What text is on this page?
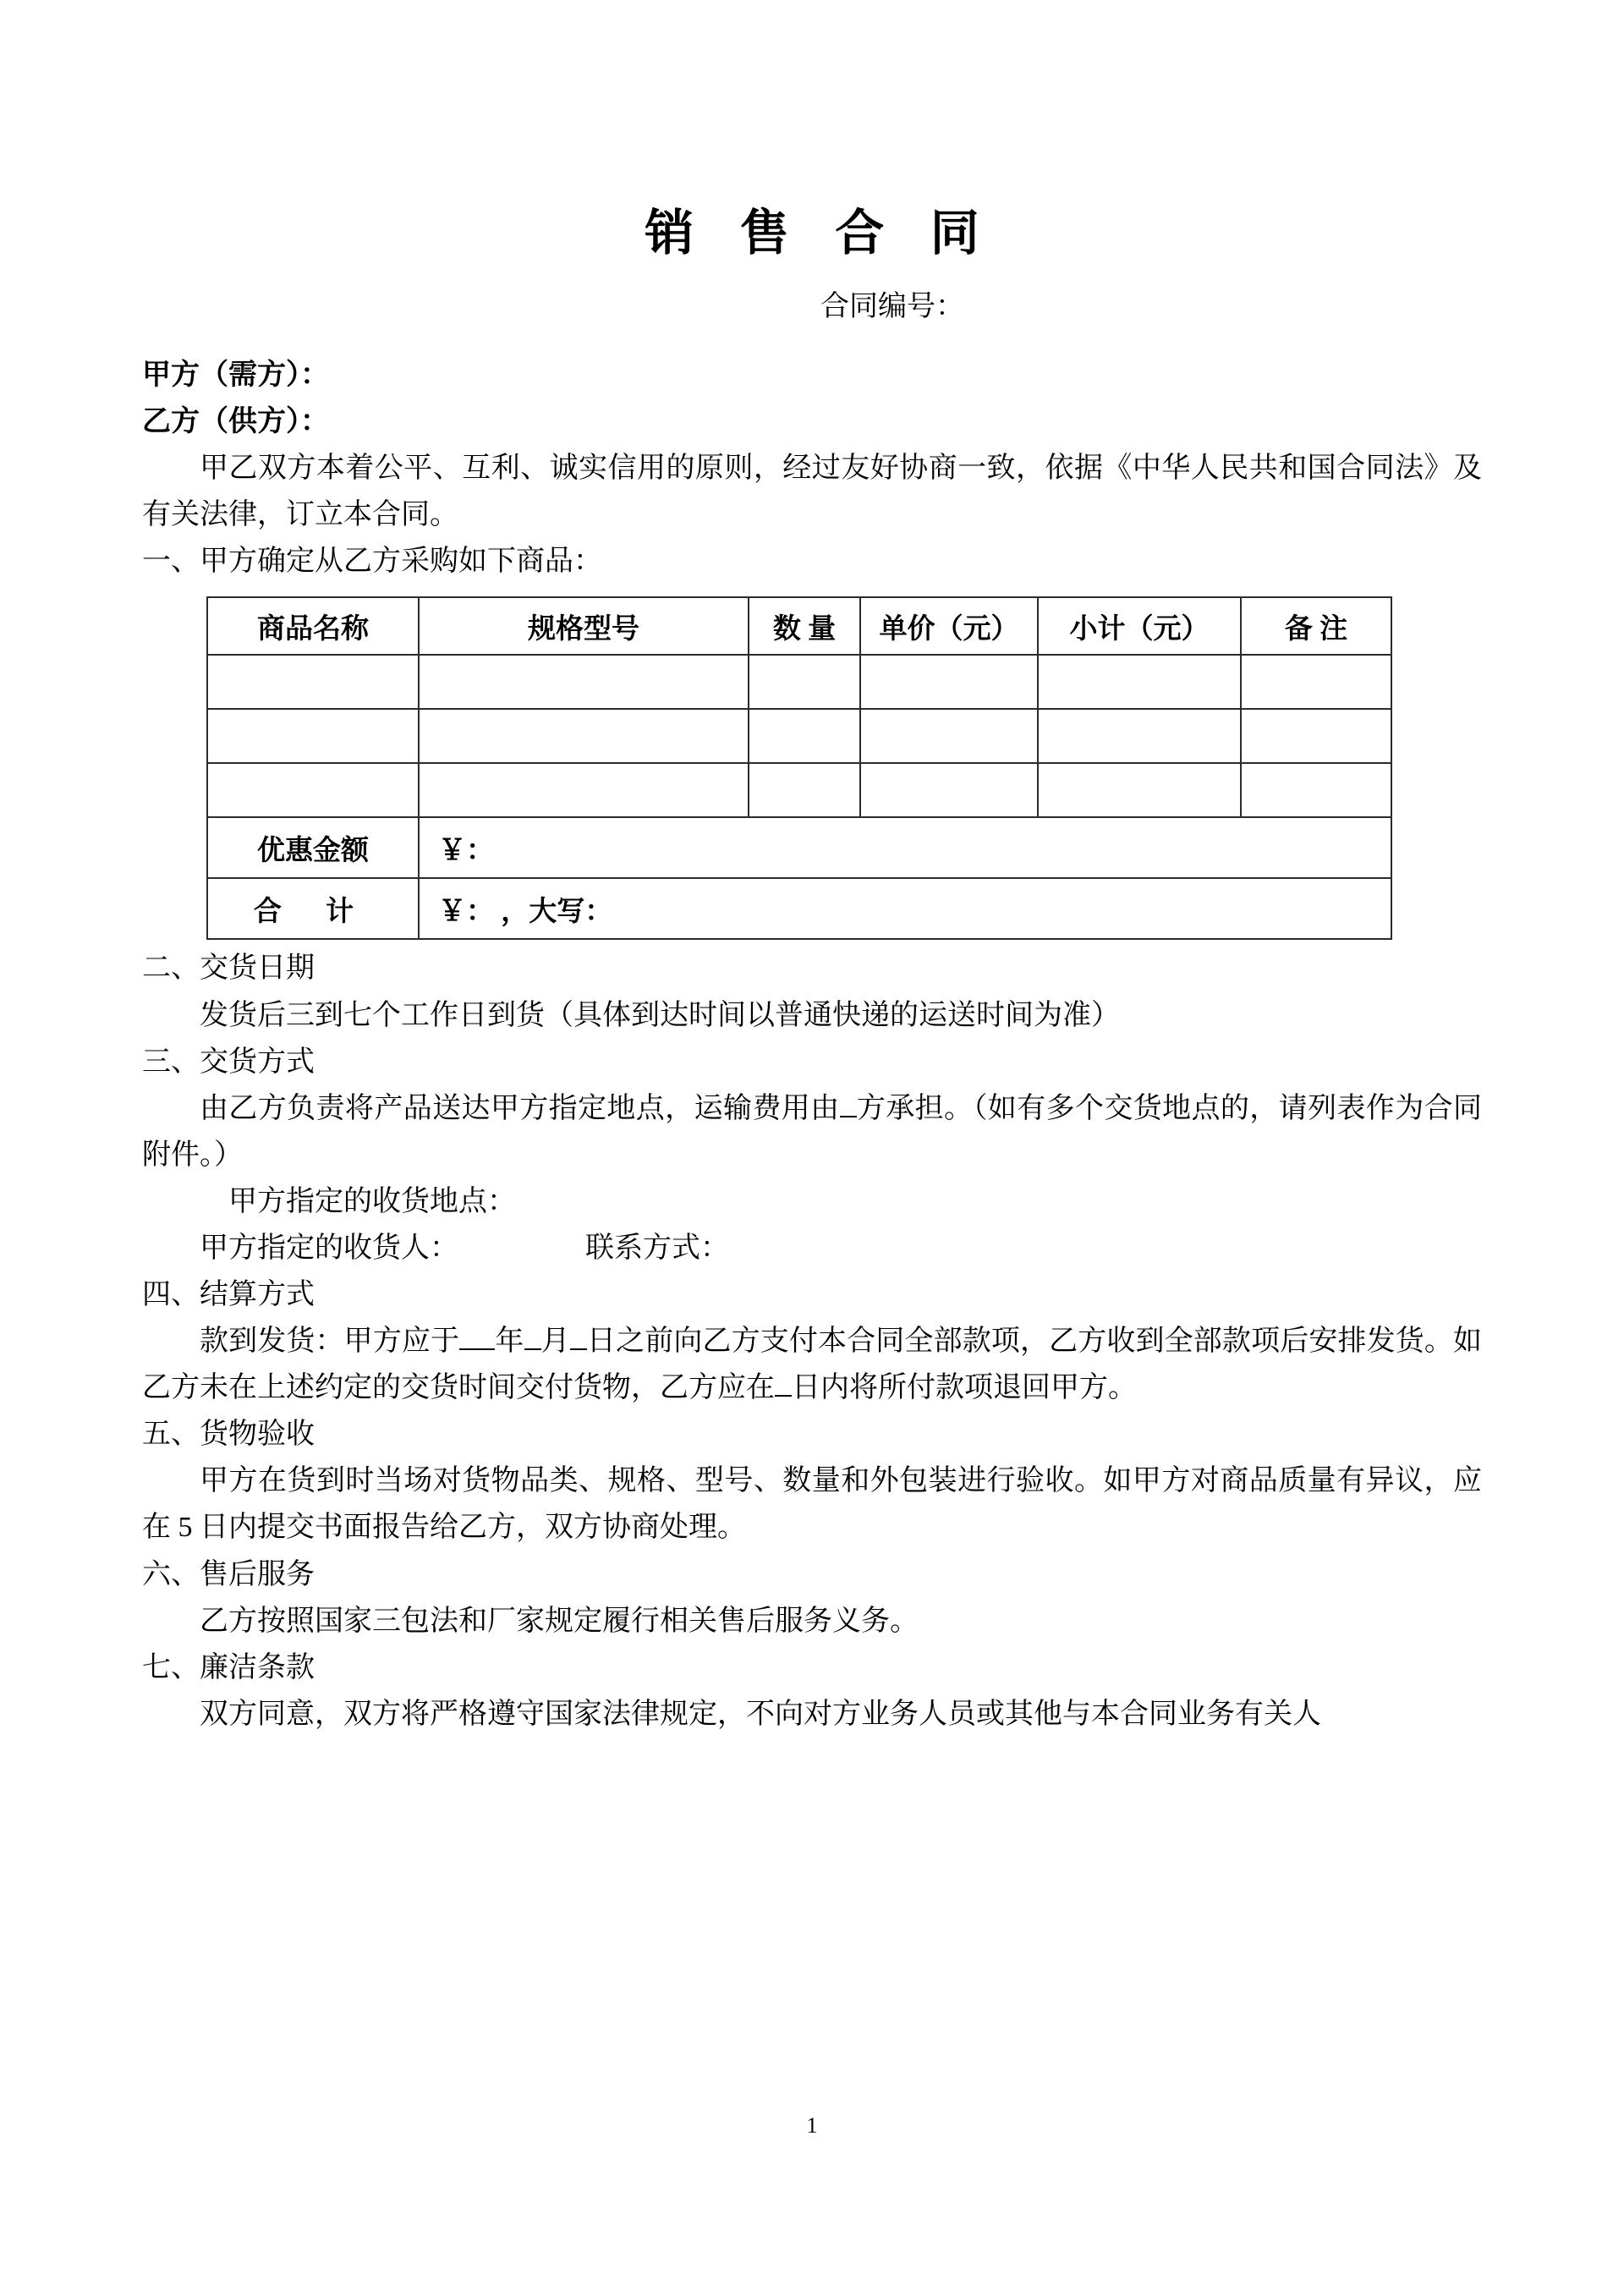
销 售 合 同

合同编号：

甲方（需方）：

乙方（供方）：

甲乙双方本着公平、互利、诚实信用的原则，经过友好协商一致，依据《中华人民共和国合同法》及有关法律，订立本合同。

一、甲方确定从乙方采购如下商品：

商品名称	规格型号	数 量	单价（元）	小计（元）	备 注

优惠金额	￥：				
合 计	￥： ，大写：				

二、交货日期

发货后三到七个工作日到货（具体到达时间以普通快递的运送时间为准）

三、交货方式

由乙方负责将产品送达甲方指定地点，运输费用由 方承担。（如有多个交货地点的，请列表作为合同附件。）

甲方指定的收货地点：

甲方指定的收货人：	联系方式：

四、结算方式

款到发货：甲方应于 年 月 日之前向乙方支付本合同全部款项，乙方收到全部款项后安排发货。如乙方未在上述约定的交货时间交付货物，乙方应在 日内将所付款项退回甲方。

五、货物验收

甲方在货到时当场对货物品类、规格、型号、数量和外包装进行验收。如甲方对商品质量有异议，应在 5 日内提交书面报告给乙方，双方协商处理。

六、售后服务

乙方按照国家三包法和厂家规定履行相关售后服务义务。

七、廉洁条款

双方同意，双方将严格遵守国家法律规定，不向对方业务人员或其他与本合同业务有关人

1
